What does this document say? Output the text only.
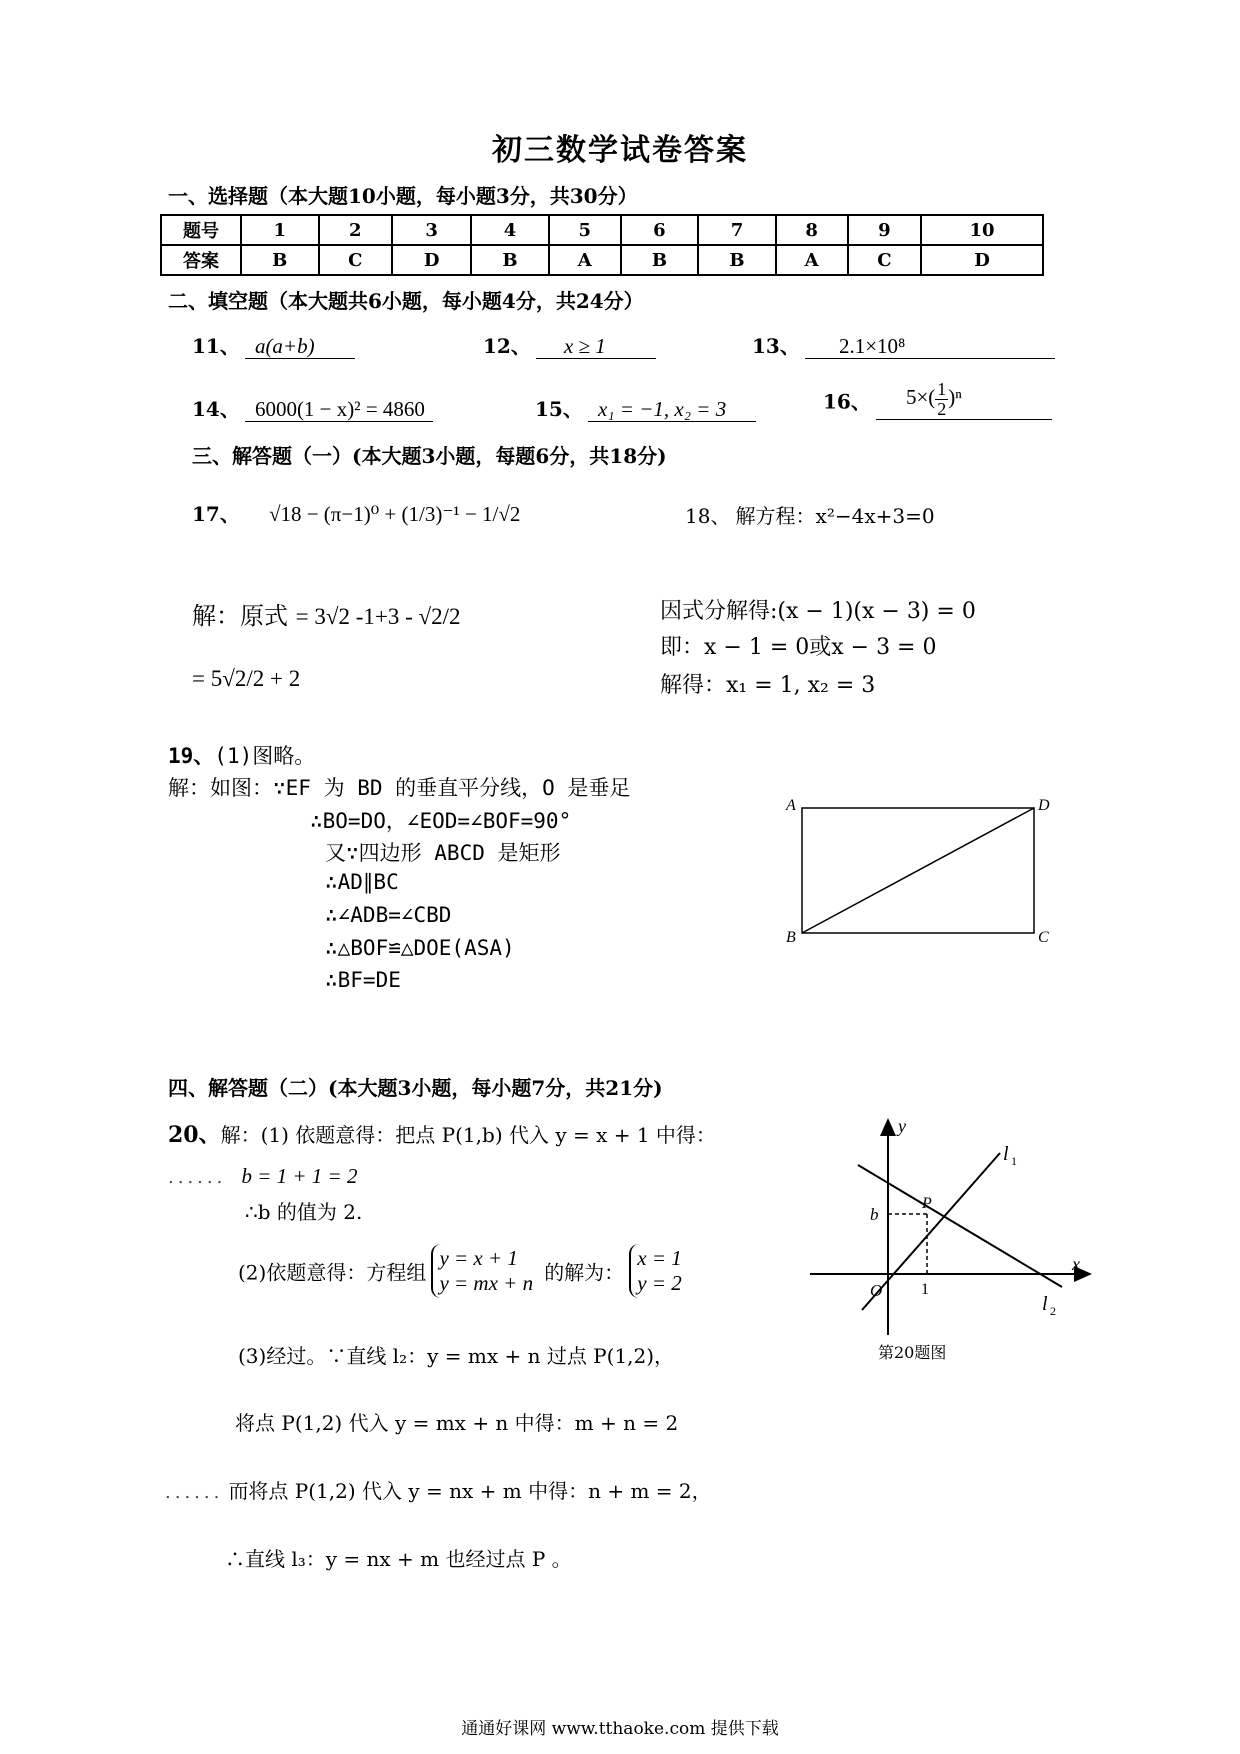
初三数学试卷答案
一、选择题（本大题10小题，每小题3分，共30分）
题号	1	2	3	4	5	6	7	8	9	10
答案	B	C	D	B	A	B	B	A	C	D
二、填空题（本大题共6小题，每小题4分，共24分）
11、 a(a+b)	12、 x ≥ 1	13、 2.1×10⁸
14、 6000(1 − x)² = 4860	15、 x₁ = −1, x₂ = 3	16、 $5\times( \frac{1}{2} )^n$
三、解答题（一）(本大题3小题，每题6分，共18分)
17、 √18 − (π−1)⁰ + (1/3)⁻¹ − 1/√2	18、 解方程：x²−4x+3=0
解：原式 = 3√2 -1+3 - √2/2
= 5√2/2 + 2
因式分解得:(x − 1)(x − 3) = 0
即：x − 1 = 0或x − 3 = 0
解得：x₁ = 1, x₂ = 3
19、(1)图略。
解：如图：∵EF 为 BD 的垂直平分线，O 是垂足
∴BO=DO，∠EOD=∠BOF=90°
又∵四边形 ABCD 是矩形
∴AD∥BC
∴∠ADB=∠CBD
∴△BOF≌△DOE(ASA)
∴BF=DE
A	D
B	C
四、解答题（二）(本大题3小题，每小题7分，共21分)
20、解：(1) 依题意得：把点 P(1,b) 代入 y = x + 1 中得：
...... b = 1 + 1 = 2
∴b 的值为 2.
(2)依题意得：方程组
y = x + 1
y = mx + n 的解为：
x = 1
y = 2
(3)经过。∵直线 l₂：y = mx + n 过点 P(1,2)，
将点 P(1,2) 代入 y = mx + n 中得：m + n = 2
...... 而将点 P(1,2) 代入 y = nx + m 中得：n + m = 2，
∴直线 l₃：y = nx + m 也经过点 P 。
y
x
O
b
P
1
l 1
l 2
第20题图
通通好课网 www.tthaoke.com 提供下载
